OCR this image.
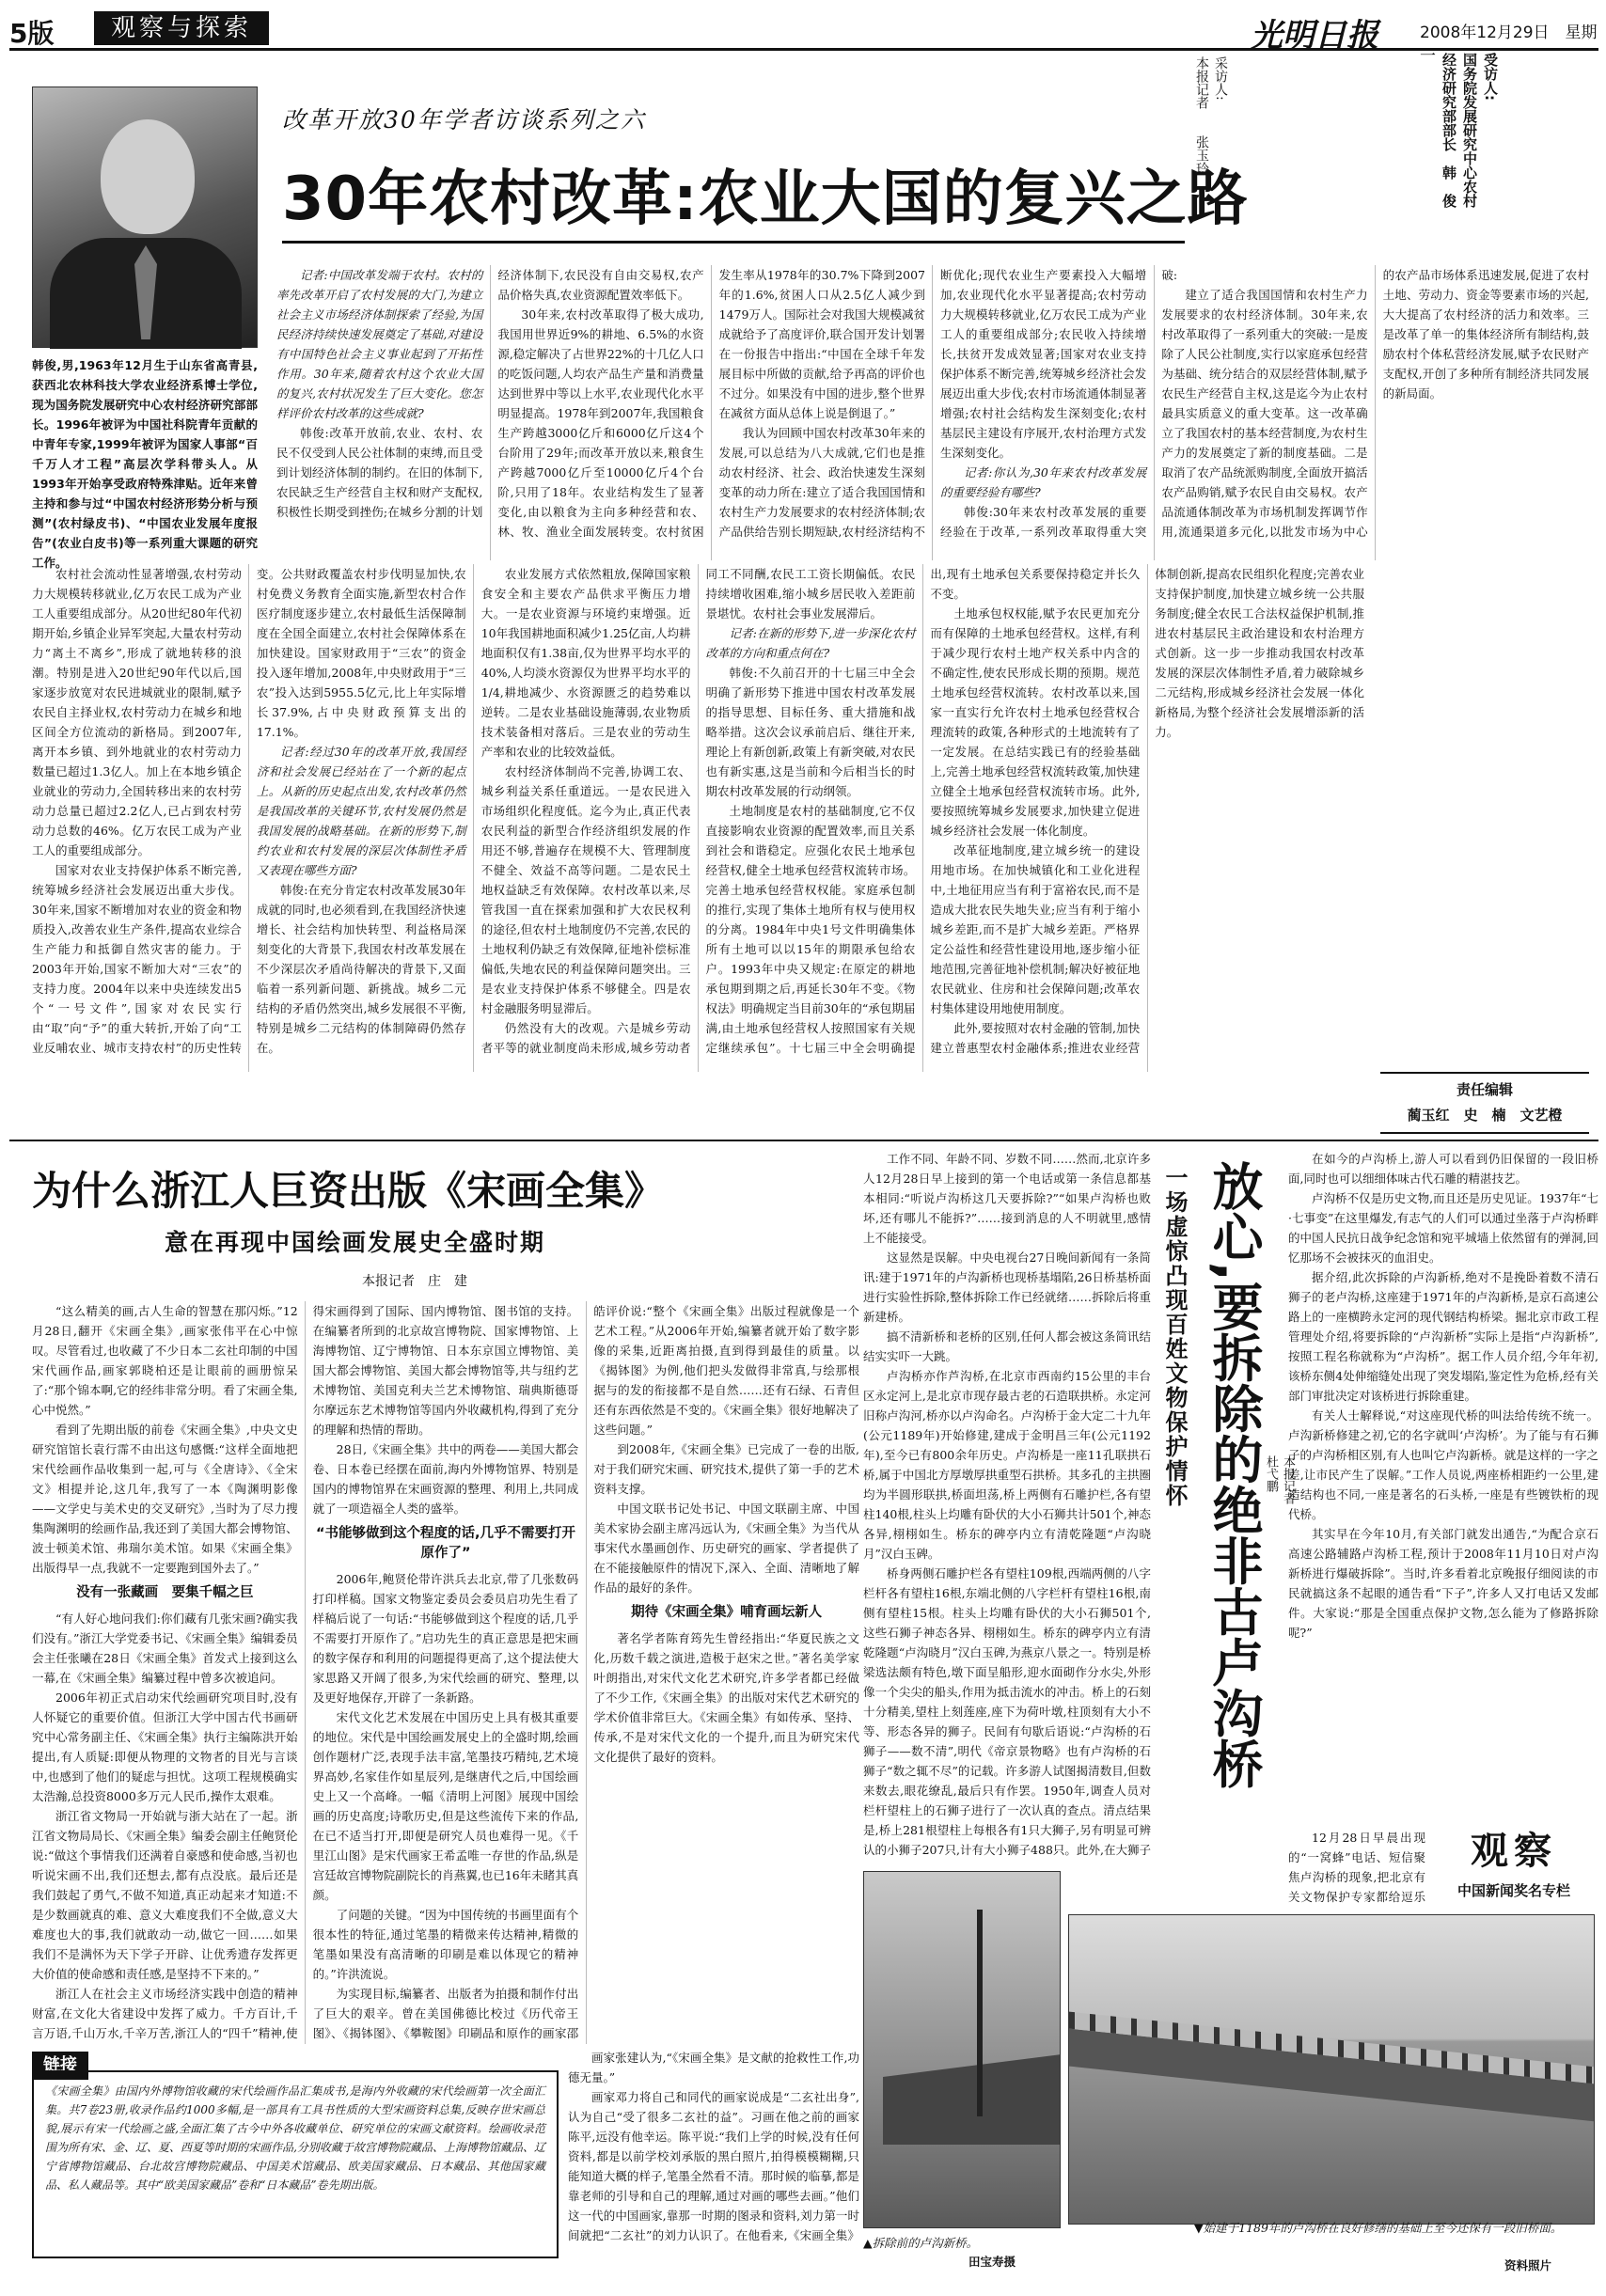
5版	观察与探索	光明日报	2008年12月29日　星期一
韩俊,男,1963年12月生于山东省高青县,获西北农林科技大学农业经济系博士学位,现为国务院发展研究中心农村经济研究部部长。1996年被评为中国社科院青年贡献的中青年专家,1999年被评为国家人事部“百千万人才工程”高层次学科带头人。从1993年开始享受政府特殊津贴。近年来曾主持和参与过“中国农村经济形势分析与预测”(农村绿皮书)、“中国农业发展年度报告”(农业白皮书)等一系列重大课题的研究工作。
改革开放30年学者访谈系列之六
30年农村改革:农业大国的复兴之路
采访人:
本报记者　　张玉玲	受访人:
国务院发展研究中心农村
经济研究部部长　韩　俊

农村社会流动性显著增强,农村劳动力大规模转移就业,亿万农民工成为产业工人重要组成部分。从20世纪80年代初期开始,乡镇企业异军突起,大量农村劳动力“离土不离乡”,形成了就地转移的浪潮。特别是进入20世纪90年代以后,国家逐步放宽对农民进城就业的限制,赋予农民自主择业权,农村劳动力在城乡和地区间全方位流动的新格局。到2007年,离开本乡镇、到外地就业的农村劳动力数量已超过1.3亿人。加上在本地乡镇企业就业的劳动力,全国转移出来的农村劳动力总量已超过2.2亿人,已占到农村劳动力总数的46%。亿万农民工成为产业工人的重要组成部分。

国家对农业支持保护体系不断完善,统筹城乡经济社会发展迈出重大步伐。30年来,国家不断增加对农业的资金和物质投入,改善农业生产条件,提高农业综合生产能力和抵御自然灾害的能力。于2003年开始,国家不断加大对“三农”的支持力度。2004年以来中央连续发出5个“一号文件”,国家对农民实行由“取”向“予”的重大转折,开始了向“工业反哺农业、城市支持农村”的历史性转变。公共财政覆盖农村步伐明显加快,农村免费义务教育全面实施,新型农村合作医疗制度逐步建立,农村最低生活保障制度在全国全面建立,农村社会保障体系在加快建设。国家财政用于“三农”的资金投入逐年增加,2008年,中央财政用于“三农”投入达到5955.5亿元,比上年实际增长37.9%,占中央财政预算支出的17.1%。

记者:经过30年的改革开放,我国经济和社会发展已经站在了一个新的起点上。从新的历史起点出发,农村改革仍然是我国改革的关键环节,农村发展仍然是我国发展的战略基础。在新的形势下,制约农业和农村发展的深层次体制性矛盾又表现在哪些方面?

韩俊:在充分肯定农村改革发展30年成就的同时,也必须看到,在我国经济快速增长、社会结构加快转型、利益格局深刻变化的大背景下,我国农村改革发展在不少深层次矛盾尚待解决的背景下,又面临着一系列新问题、新挑战。城乡二元结构的矛盾仍然突出,城乡发展很不平衡,特别是城乡二元结构的体制障碍仍然存在。

农业发展方式依然粗放,保障国家粮食安全和主要农产品供求平衡压力增大。一是农业资源与环境约束增强。近10年我国耕地面积减少1.25亿亩,人均耕地面积仅有1.38亩,仅为世界平均水平的40%,人均淡水资源仅为世界平均水平的1/4,耕地减少、水资源匮乏的趋势难以逆转。二是农业基础设施薄弱,农业物质技术装备相对落后。三是农业的劳动生产率和农业的比较效益低。

农村经济体制尚不完善,协调工农、城乡利益关系任重道远。一是农民进入市场组织化程度低。迄今为止,真正代表农民利益的新型合作经济组织发展的作用还不够,普遍存在规模不大、管理制度不健全、效益不高等问题。二是农民土地权益缺乏有效保障。农村改革以来,尽管我国一直在探索加强和扩大农民权利的途径,但农村土地制度仍不完善,农民的土地权利仍缺乏有效保障,征地补偿标准偏低,失地农民的利益保障问题突出。三是农业支持保护体系不够健全。四是农村金融服务明显滞后。

仍然没有大的改观。六是城乡劳动者平等的就业制度尚未形成,城乡劳动者同工不同酬,农民工工资长期偏低。农民持续增收困难,缩小城乡居民收入差距前景堪忧。农村社会事业发展滞后。

记者:在新的形势下,进一步深化农村改革的方向和重点何在?

韩俊:不久前召开的十七届三中全会明确了新形势下推进中国农村改革发展的指导思想、目标任务、重大措施和战略举措。这次会议承前启后、继往开来,理论上有新创新,政策上有新突破,对农民也有新实惠,这是当前和今后相当长的时期农村改革发展的行动纲领。

土地制度是农村的基础制度,它不仅直接影响农业资源的配置效率,而且关系到社会和谐稳定。应强化农民土地承包经营权,健全土地承包经营权流转市场。完善土地承包经营权权能。家庭承包制的推行,实现了集体土地所有权与使用权的分离。1984年中央1号文件明确集体所有土地可以以15年的期限承包给农户。1993年中央又规定:在原定的耕地承包期到期之后,再延长30年不变。《物权法》明确规定当目前30年的“承包期届满,由土地承包经营权人按照国家有关规定继续承包”。十七届三中全会明确提出,现有土地承包关系要保持稳定并长久不变。

土地承包权权能,赋予农民更加充分而有保障的土地承包经营权。这样,有利于减少现行农村土地产权关系中内含的不确定性,使农民形成长期的预期。规范土地承包经营权流转。农村改革以来,国家一直实行允许农村土地承包经营权合理流转的政策,各种形式的土地流转有了一定发展。在总结实践已有的经验基础上,完善土地承包经营权流转政策,加快建立健全土地承包经营权流转市场。此外,要按照统筹城乡发展要求,加快建立促进城乡经济社会发展一体化制度。

改革征地制度,建立城乡统一的建设用地市场。在加快城镇化和工业化进程中,土地征用应当有利于富裕农民,而不是造成大批农民失地失业;应当有利于缩小城乡差距,而不是扩大城乡差距。严格界定公益性和经营性建设用地,逐步缩小征地范围,完善征地补偿机制;解决好被征地农民就业、住房和社会保障问题;改革农村集体建设用地使用制度。

此外,要按照对农村金融的管制,加快建立普惠型农村金融体系;推进农业经营体制创新,提高农民组织化程度;完善农业支持保护制度,加快建立城乡统一公共服务制度;健全农民工合法权益保护机制,推进农村基层民主政治建设和农村治理方式创新。这一步一步推动我国农村改革发展的深层次体制性矛盾,着力破除城乡二元结构,形成城乡经济社会发展一体化新格局,为整个经济社会发展增添新的活力。

记者:中国改革发端于农村。农村的率先改革开启了农村发展的大门,为建立社会主义市场经济体制探索了经验,为国民经济持续快速发展奠定了基础,对建设有中国特色社会主义事业起到了开拓性作用。30年来,随着农村这个农业大国的复兴,农村状况发生了巨大变化。您怎样评价农村改革的这些成就?

韩俊:改革开放前,农业、农村、农民不仅受到人民公社体制的束缚,而且受到计划经济体制的制约。在旧的体制下,农民缺乏生产经营自主权和财产支配权,积极性长期受到挫伤;在城乡分割的计划经济体制下,农民没有自由交易权,农产品价格失真,农业资源配置效率低下。

30年来,农村改革取得了极大成功,我国用世界近9%的耕地、6.5%的水资源,稳定解决了占世界22%的十几亿人口的吃饭问题,人均农产品生产量和消费量达到世界中等以上水平,农业现代化水平明显提高。1978年到2007年,我国粮食生产跨越3000亿斤和6000亿斤这4个台阶用了29年;而改革开放以来,粮食生产跨越7000亿斤至10000亿斤4个台阶,只用了18年。农业结构发生了显著变化,由以粮食为主向多种经营和农、林、牧、渔业全面发展转变。农村贫困发生率从1978年的30.7%下降到2007年的1.6%,贫困人口从2.5亿人减少到1479万人。国际社会对我国大规模减贫成就给予了高度评价,联合国开发计划署在一份报告中指出:“中国在全球千年发展目标中所做的贡献,给予再高的评价也不过分。如果没有中国的进步,整个世界在减贫方面从总体上说是倒退了。”

我认为回顾中国农村改革30年来的发展,可以总结为八大成就,它们也是推动农村经济、社会、政治快速发生深刻变革的动力所在:建立了适合我国国情和农村生产力发展要求的农村经济体制;农产品供给告别长期短缺,农村经济结构不断优化;现代农业生产要素投入大幅增加,农业现代化水平显著提高;农村劳动力大规模转移就业,亿万农民工成为产业工人的重要组成部分;农民收入持续增长,扶贫开发成效显著;国家对农业支持保护体系不断完善,统筹城乡经济社会发展迈出重大步伐;农村市场流通体制显著增强;农村社会结构发生深刻变化;农村基层民主建设有序展开,农村治理方式发生深刻变化。

记者:你认为,30年来农村改革发展的重要经验有哪些?

韩俊:30年来农村改革发展的重要经验在于改革,一系列改革取得重大突破:

建立了适合我国国情和农村生产力发展要求的农村经济体制。30年来,农村改革取得了一系列重大的突破:一是废除了人民公社制度,实行以家庭承包经营为基础、统分结合的双层经营体制,赋予农民生产经营自主权,这是迄今为止农村最具实质意义的重大变革。这一改革确立了我国农村的基本经营制度,为农村生产力的发展奠定了新的制度基础。二是取消了农产品统派购制度,全面放开搞活农产品购销,赋予农民自由交易权。农产品流通体制改革为市场机制发挥调节作用,流通渠道多元化,以批发市场为中心的农产品市场体系迅速发展,促进了农村土地、劳动力、资金等要素市场的兴起,大大提高了农村经济的活力和效率。三是改革了单一的集体经济所有制结构,鼓励农村个体私营经济发展,赋予农民财产支配权,开创了多种所有制经济共同发展的新局面。

责任编辑
蔺玉红　史　楠　文艺橙
为什么浙江人巨资出版《宋画全集》
意在再现中国绘画发展史全盛时期
本报记者　庄　建

“这么精美的画,古人生命的智慧在那闪烁。”12月28日,翻开《宋画全集》,画家张伟平在心中惊叹。尽管看过,也收藏了不少日本二玄社印制的中国宋代画作品,画家郭晓柏还是让眼前的画册惊呆了:“那个锦本啊,它的经纬非常分明。看了宋画全集,心中悦然。”

看到了先期出版的前卷《宋画全集》,中央文史研究馆馆长袁行霈不由出这句感慨:“这样全面地把宋代绘画作品收集到一起,可与《全唐诗》、《全宋文》相提并论,这几年,我写了一本《陶渊明影像——文学史与美术史的交叉研究》,当时为了尽力搜集陶渊明的绘画作品,我还到了美国大都会博物馆、波士顿美术馆、弗瑞尔美术馆。如果《宋画全集》出版得早一点,我就不一定要跑到国外去了。”

没有一张藏画　要集千幅之巨

“有人好心地问我们:你们藏有几张宋画?确实我们没有。”浙江大学党委书记、《宋画全集》编辑委员会主任张曦在28日《宋画全集》首发式上接到这么一幕,在《宋画全集》编纂过程中曾多次被追问。

2006年初正式启动宋代绘画研究项目时,没有人怀疑它的重要价值。但浙江大学中国古代书画研究中心常务副主任、《宋画全集》执行主编陈洪开始提出,有人质疑:即便从物理的文物者的目光与言谈中,也感到了他们的疑虑与担忧。这项工程规模确实太浩瀚,总投资8000多万元人民币,操作太艰难。

浙江省文物局一开始就与浙大站在了一起。浙江省文物局局长、《宋画全集》编委会副主任鲍贤伦说:“做这个事情我们还满着自豪感和使命感,当初也听说宋画不出,我们还想去,都有点没底。最后还是我们鼓起了勇气,不做不知道,真正动起来才知道:不是少数画就真的难、意义大难度我们不全做,意义大难度也大的事,我们就敢动一动,做它一回……如果我们不是满怀为天下学子开辟、让优秀遗存发挥更大价值的使命感和责任感,是坚持不下来的。”

浙江人在社会主义市场经济实践中创造的精神财富,在文化大省建设中发挥了威力。千方百计,千言万语,千山万水,千辛万苦,浙江人的“四千”精神,使得宋画得到了国际、国内博物馆、图书馆的支持。在编纂者所到的北京故宫博物院、国家博物馆、上海博物馆、辽宁博物馆、日本东京国立博物馆、美国大都会博物馆、美国大都会博物馆等,共与纽约艺术博物馆、美国克利夫兰艺术博物馆、瑞典斯德哥尔摩远东艺术博物馆等国内外收藏机构,得到了充分的理解和热情的帮助。

28日,《宋画全集》共中的两卷——美国大都会卷、日本卷已经摆在面前,海内外博物馆界、特别是国内的博物馆界在宋画资源的整理、利用上,共同成就了一项造福全人类的盛举。

“书能够做到这个程度的话,几乎不需要打开原作了”

2006年,鲍贤伦带许洪兵去北京,带了几张数码打印样稿。国家文物鉴定委员会委员启功先生看了样稿后说了一句话:“书能够做到这个程度的话,几乎不需要打开原作了。”启功先生的真正意思是把宋画的数字保存和利用的问题提得更高了,这个提法使大家思路又开阔了很多,为宋代绘画的研究、整理,以及更好地保存,开辟了一条新路。

宋代文化艺术发展在中国历史上具有极其重要的地位。宋代是中国绘画发展史上的全盛时期,绘画创作题材广泛,表现手法丰富,笔墨技巧精纯,艺术境界高妙,名家佳作如星辰列,是继唐代之后,中国绘画史上又一个高峰。一幅《清明上河图》展现中国绘画的历史高度;诗歌历史,但是这些流传下来的作品,在已不适当打开,即便是研究人员也难得一见。《千里江山图》是宋代画家王希孟唯一存世的作品,纵是宫廷故宫博物院副院长的肖燕翼,也已16年未睹其真颜。

了问题的关键。“因为中国传统的书画里面有个很本性的特征,通过笔墨的精微来传达精神,精微的笔墨如果没有高清晰的印刷是难以体现它的精神的。”许洪流说。

为实现目标,编纂者、出版者为拍摄和制作付出了巨大的艰辛。曾在美国佛德比校过《历代帝王图》、《揭钵图》、《攀鞍图》印刷品和原作的画家邵皓评价说:“整个《宋画全集》出版过程就像是一个艺术工程。”从2006年开始,编纂者就开始了数字影像的采集,近距离拍摄,直到得到最佳的质量。以《揭钵图》为例,他们把头发做得非常真,与绘那根据与的发的衔接都不是自然……还有石绿、石青但还有东西依然是不变的。《宋画全集》很好地解决了这些问题。”

到2008年,《宋画全集》已完成了一卷的出版,对于我们研究宋画、研究技术,提供了第一手的艺术资料支撑。

中国文联书记处书记、中国文联副主席、中国美术家协会副主席冯远认为,《宋画全集》为当代从事宋代水墨画创作、历史研究的画家、学者提供了在不能接触原件的情况下,深入、全面、清晰地了解作品的最好的条件。

期待《宋画全集》哺育画坛新人

著名学者陈育筠先生曾经指出:“华夏民族之文化,历数千载之演进,造极于赵宋之世。”著名美学家叶朗指出,对宋代文化艺术研究,许多学者都已经做了不少工作,《宋画全集》的出版对宋代艺术研究的学术价值非常巨大。《宋画全集》有如传承、坚持、传承,不是对宋代文化的一个提升,而且为研究宋代文化提供了最好的资料。

画家张建认为,“《宋画全集》是文献的抢救性工作,功德无量。”

画家邓力将自己和同代的画家说成是“二玄社出身”,认为自己“受了很多二玄社的益”。习画在他之前的画家陈平,远没有他幸运。陈平说:“我们上学的时候,没有任何资料,都是以前学校刘承版的黑白照片,拍得模模糊糊,只能知道大概的样子,笔墨全然看不清。那时候的临摹,都是靠老师的引导和自己的理解,通过对画的哪些去画。”他们这一代的中国画家,靠那一时期的图录和资料,刘力第一时间就把“二玄社”的刘力认识了。在他看来,《宋画全集》

链接
《宋画全集》由国内外博物馆收藏的宋代绘画作品汇集成书,是海内外收藏的宋代绘画第一次全面汇集。共7卷23册,收录作品约1000多幅,是一部具有工具书性质的大型宋画资料总集,反映存世宋画总貌,展示有宋一代绘画之盛,全面汇集了古今中外各收藏单位、研究单位的宋画文献资料。绘画收录范围为所有宋、金、辽、夏、西夏等时期的宋画作品,分别收藏于故宫博物院藏品、上海博物馆藏品、辽宁省博物馆藏品、台北故宫博物院藏品、中国美术馆藏品、欧美国家藏品、日本藏品、其他国家藏品、私人藏品等。其中“欧美国家藏品”卷和“日本藏品”卷先期出版。
一场虚惊凸现百姓文物保护情怀 放心,要拆除的绝非古卢沟桥 本报记者
杜弋鹏

工作不同、年龄不同、岁数不同……然而,北京许多人12月28日早上接到的第一个电话或第一条信息都基本相同:“听说卢沟桥这几天要拆除?”“如果卢沟桥也败坏,还有哪儿不能拆?”……接到消息的人不明就里,感情上不能接受。

这显然是误解。中央电视台27日晚间新闻有一条简讯:建于1971年的卢沟新桥也现桥基塌陷,26日桥基桥面进行实验性拆除,整体拆除工作已经就绪……拆除后将重新建桥。

搞不清新桥和老桥的区别,任何人都会被这条简讯结结实实吓一大跳。

卢沟桥亦作芦沟桥,在北京市西南约15公里的丰台区永定河上,是北京市现存最古老的石造联拱桥。永定河旧称卢沟河,桥亦以卢沟命名。卢沟桥于金大定二十九年(公元1189年)开始修建,建成于金明昌三年(公元1192年),至今已有800余年历史。卢沟桥是一座11孔联拱石桥,属于中国北方厚墩厚拱重型石拱桥。其多孔的主拱圈均为半圆形联拱,桥面坦荡,桥上两侧有石雕护栏,各有望柱140根,柱头上均雕有卧伏的大小石狮共计501个,神态各异,栩栩如生。桥东的碑亭内立有清乾隆题“卢沟晓月”汉白玉碑。

桥身两侧石雕护栏各有望柱109根,西端两侧的八字栏杆各有望柱16根,东端北侧的八字栏杆有望柱16根,南侧有望柱15根。柱头上均雕有卧伏的大小石狮501个,这些石狮子神态各异、栩栩如生。桥东的碑亭内立有清乾隆题“卢沟晓月”汉白玉碑,为燕京八景之一。特别是桥梁选法颇有特色,墩下面呈船形,迎水面砌作分水尖,外形像一个尖尖的船头,作用为抵击流水的冲击。桥上的石刻十分精美,望柱上刻莲座,座下为荷叶墩,柱顶刻有大小不等、形态各异的狮子。民间有句歇后语说:“卢沟桥的石狮子——数不清”,明代《帝京景物略》也有卢沟桥的石狮子“数之辄不尽”的记载。许多游人试图揭清数目,但数来数去,眼花缭乱,最后只有作罢。1950年,调查人员对栏杆望柱上的石狮子进行了一次认真的查点。清点结果是,桥上281根望柱上每根各有1只大狮子,另有明显可辨认的小狮子207只,计有大小狮子488只。此外,在大狮子

在如今的卢沟桥上,游人可以看到仍旧保留的一段旧桥面,同时也可以细细体味古代石雕的精湛技艺。

卢沟桥不仅是历史文物,而且还是历史见证。1937年“七·七事变”在这里爆发,有志气的人们可以通过坐落于卢沟桥畔的中国人民抗日战争纪念馆和宛平城墙上依然留有的弹洞,回忆那场不会被抹灭的血泪史。

据介绍,此次拆除的卢沟新桥,绝对不是挽卧着数不清石狮子的老卢沟桥,这座建于1971年的卢沟新桥,是京石高速公路上的一座横跨永定河的现代钢结构桥梁。掘北京市政工程管理处介绍,将要拆除的“卢沟新桥”实际上是指“卢沟新桥”,按照工程名称就称为“卢沟桥”。据工作人员介绍,今年年初,该桥东侧4处伸缩缝处出现了突发塌陷,鉴定性为危桥,经有关部门审批决定对该桥进行拆除重建。

有关人士解释说,“对这座现代桥的叫法给传统不统一。卢沟新桥修建之初,它的名字就叫‘卢沟桥’。为了能与有石狮子的卢沟桥相区别,有人也叫它卢沟新桥。就是这样的一字之差,让市民产生了误解。”工作人员说,两座桥相距约一公里,建造结构也不同,一座是著名的石头桥,一座是有些镀铁桁的现代桥。

其实早在今年10月,有关部门就发出通告,“为配合京石高速公路辅路卢沟桥工程,预计于2008年11月10日对卢沟新桥进行爆破拆除”。当时,许多看着北京晚报仔细阅读的市民就搞这条不起眼的通告看“下子”,许多人又打电话又发邮件。大家说:“那是全国重点保护文物,怎么能为了修路拆除呢?”

12月28日早晨出现的“一窝蜂”电话、短信聚焦卢沟桥的现象,把北京有关文物保护专家都给逗乐

观察
中国新闻奖名专栏
▲拆除前的卢沟新桥。
田宝寿摄
▼始建于1189年的卢沟桥在良好修缮的基础上至今还保有一段旧桥面。
资料照片
